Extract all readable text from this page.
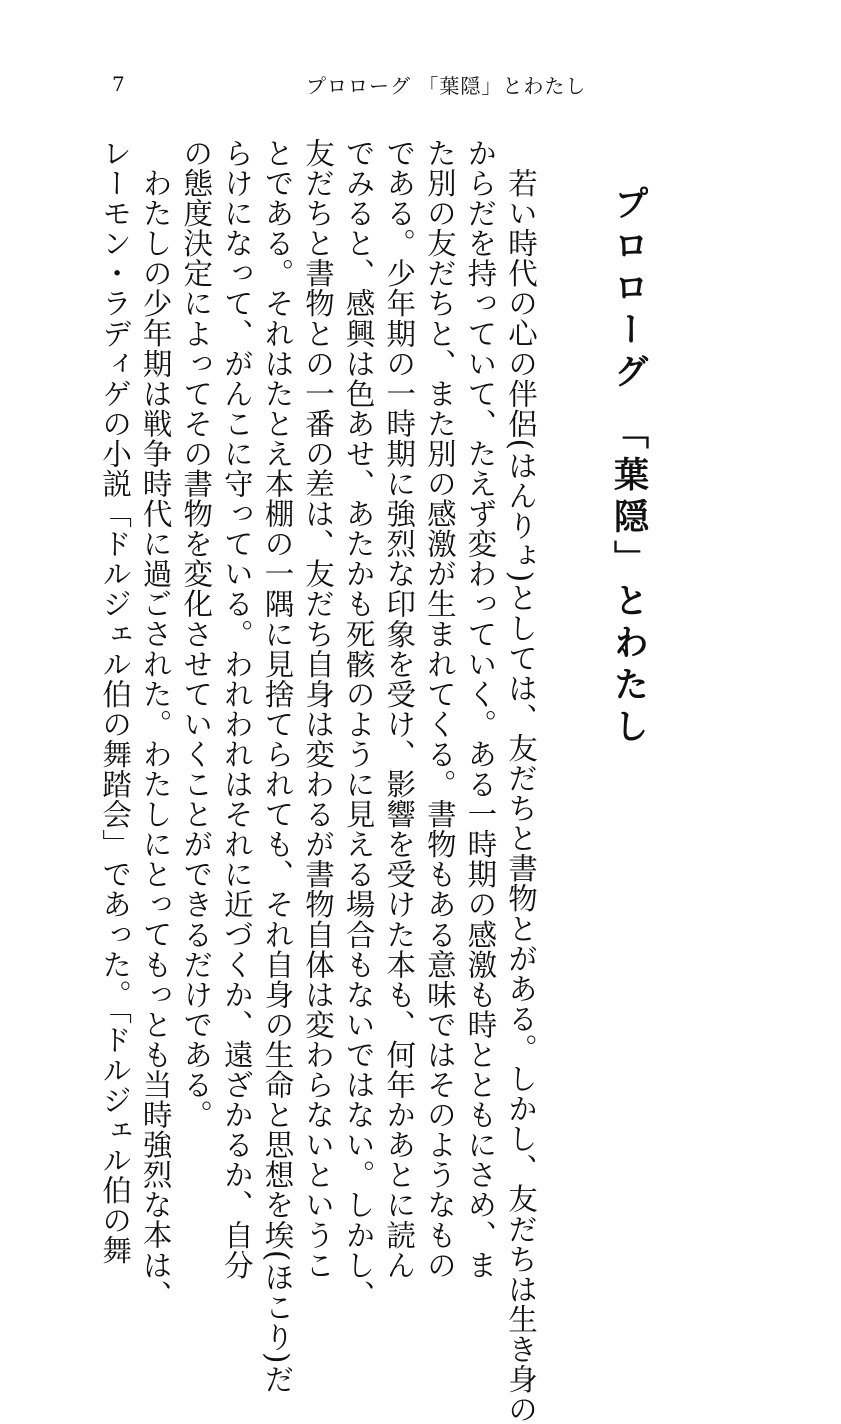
7	プロローグ 「葉隠」とわたし
プロローグ 「葉隠」とわたし

若い時代の心の伴侶(はんりょ)としては、友だちと書物とがある。しかし、友だちは生き身の
からだを持っていて、たえず変わっていく。ある一時期の感激も時とともにさめ、ま
た別の友だちと、また別の感激が生まれてくる。書物もある意味ではそのようなもの
である。少年期の一時期に強烈な印象を受け、影響を受けた本も、何年かあとに読ん
でみると、感興は色あせ、あたかも死骸のように見える場合もないではない。しかし、
友だちと書物との一番の差は、友だち自身は変わるが書物自体は変わらないというこ
とである。それはたとえ本棚の一隅に見捨てられても、それ自身の生命と思想を埃(ほこり)だ
らけになって、がんこに守っている。われわれはそれに近づくか、遠ざかるか、自分
の態度決定によってその書物を変化させていくことができるだけである。

わたしの少年期は戦争時代に過ごされた。わたしにとってもっとも当時強烈な本は、
レーモン・ラディゲの小説「ドルジェル伯の舞踏会」であった。「ドルジェル伯の舞
